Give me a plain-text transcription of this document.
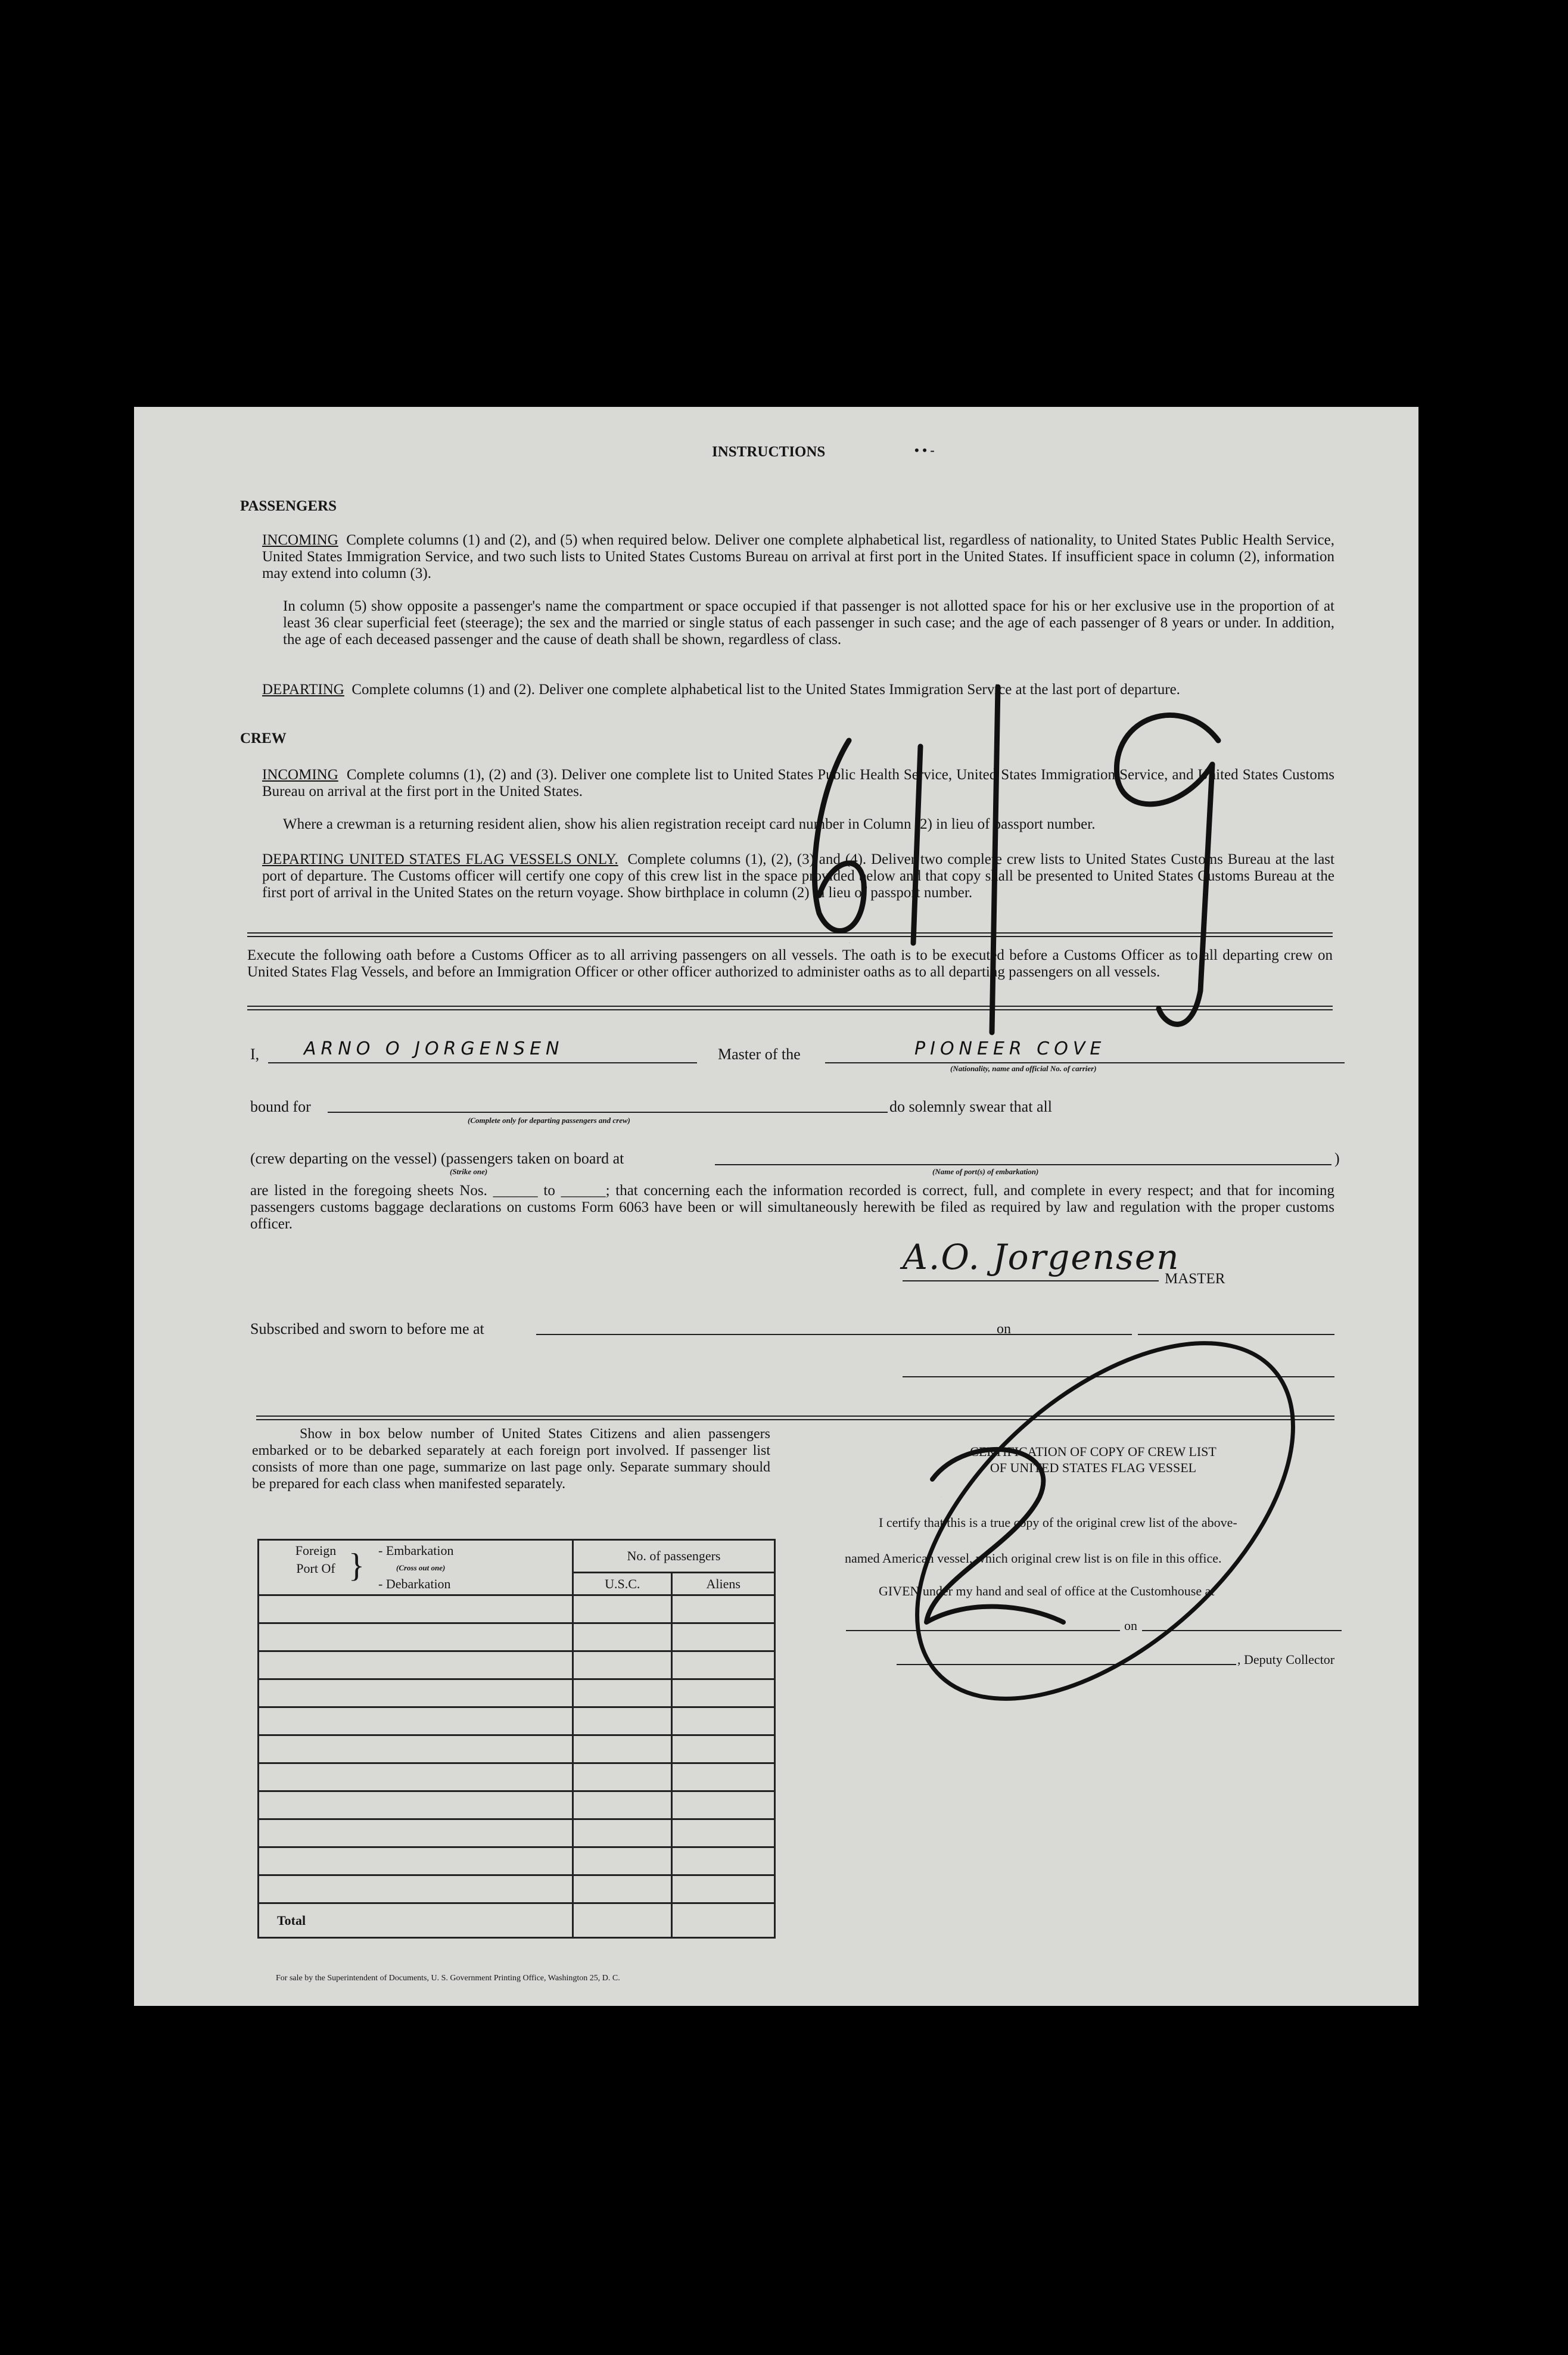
INSTRUCTIONS	• • -
PASSENGERS

INCOMING Complete columns (1) and (2), and (5) when required below. Deliver one complete alphabetical list, regardless of nationality, to United States Public Health Service, United States Immigration Service, and two such lists to United States Customs Bureau on arrival at first port in the United States. If insufficient space in column (2), information may extend into column (3).

In column (5) show opposite a passenger's name the compartment or space occupied if that passenger is not allotted space for his or her exclusive use in the proportion of at least 36 clear superficial feet (steerage); the sex and the married or single status of each passenger in such case; and the age of each passenger of 8 years or under. In addition, the age of each deceased passenger and the cause of death shall be shown, regardless of class.

DEPARTING Complete columns (1) and (2). Deliver one complete alphabetical list to the United States Immigration Service at the last port of departure.

CREW

INCOMING Complete columns (1), (2) and (3). Deliver one complete list to United States Public Health Service, United States Immigration Service, and United States Customs Bureau on arrival at the first port in the United States.

Where a crewman is a returning resident alien, show his alien registration receipt card number in Column (2) in lieu of passport number.

DEPARTING UNITED STATES FLAG VESSELS ONLY. Complete columns (1), (2), (3) and (4). Deliver two complete crew lists to United States Customs Bureau at the last port of departure. The Customs officer will certify one copy of this crew list in the space provided below and that copy shall be presented to United States Customs Bureau at the first port of arrival in the United States on the return voyage. Show birthplace in column (2) in lieu of passport number.

Execute the following oath before a Customs Officer as to all arriving passengers on all vessels. The oath is to be executed before a Customs Officer as to all departing crew on United States Flag Vessels, and before an Immigration Officer or other officer authorized to administer oaths as to all departing passengers on all vessels.

I, ARNO O JORGENSEN	Master of the	PIONEER COVE
(Nationality, name and official No. of carrier)
bound for
(Complete only for departing passengers and crew)
do solemnly swear that all
(crew departing on the vessel) (passengers taken on board at
(Strike one)	(Name of port(s) of embarkation)
)

are listed in the foregoing sheets Nos. ______ to ______; that concerning each the information recorded is correct, full, and complete in every respect; and that for incoming passengers customs baggage declarations on customs Form 6063 have been or will simultaneously herewith be filed as required by law and regulation with the proper customs officer.

A.O. Jorgensen
MASTER
Subscribed and sworn to before me at	on

Show in box below number of United States Citizens and alien passengers embarked or to be debarked separately at each foreign port involved. If passenger list consists of more than one page, summarize on last page only. Separate summary should be prepared for each class when manifested separately.

Foreign Port Of } - Embarkation
(Cross out one)
- Debarkation	No. of passengers	
	U.S.C.	Aliens

Total		
For sale by the Superintendent of Documents, U. S. Government Printing Office, Washington 25, D. C.
CERTIFICATION OF COPY OF CREW LIST
OF UNITED STATES FLAG VESSEL
I certify that this is a true copy of the original crew list of the above-
named American vessel, which original crew list is on file in this office.
GIVEN under my hand and seal of office at the Customhouse at
on
, Deputy Collector
2
6119
